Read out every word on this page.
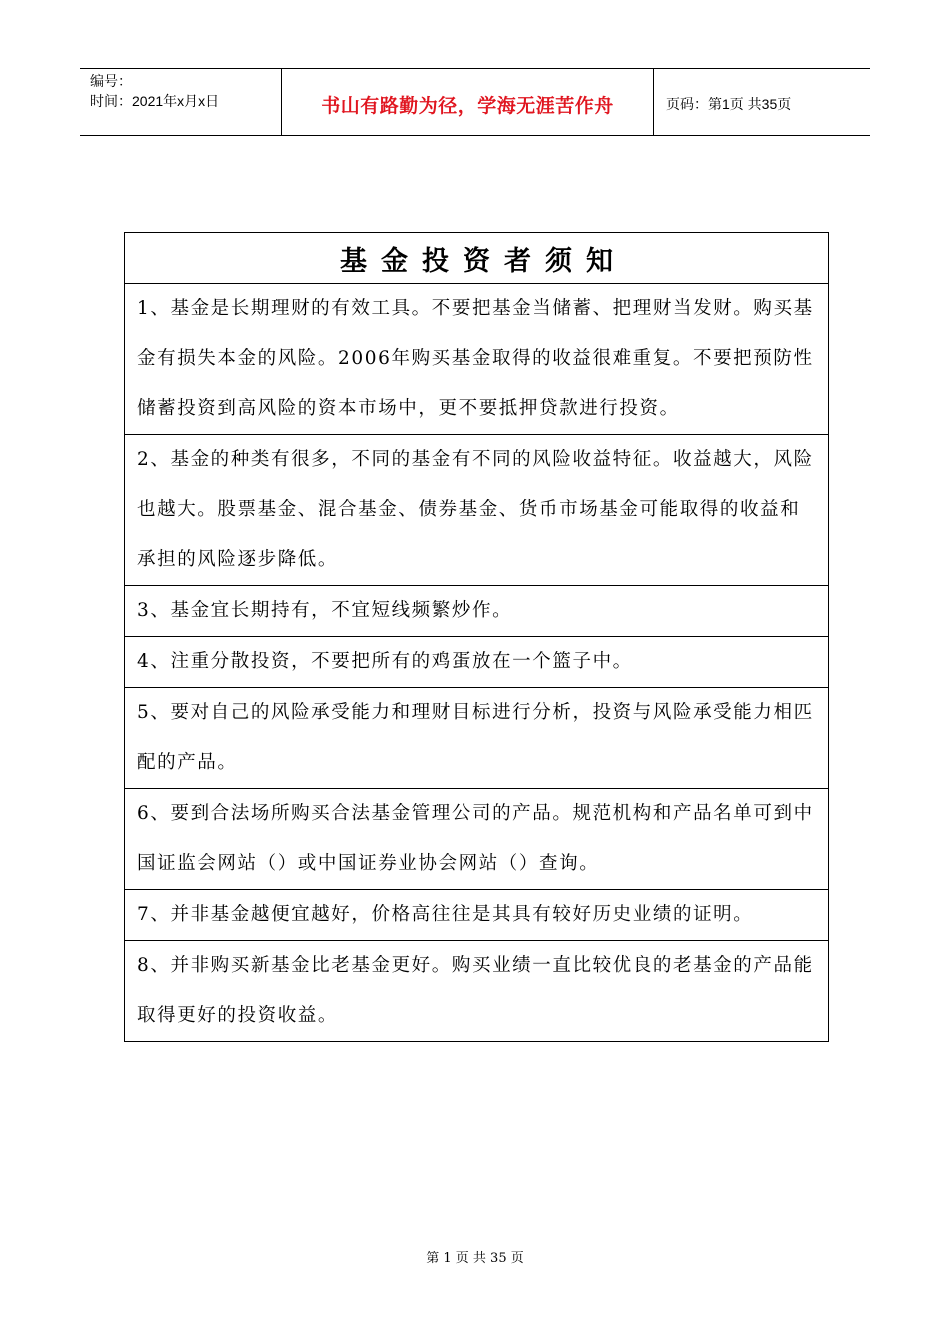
编号：
时间：2021年x月x日	书山有路勤为径，学海无涯苦作舟	页码：第1页 共35页
基金投资者须知
1、基金是长期理财的有效工具。不要把基金当储蓄、把理财当发财。购买基金有损失本金的风险。2006年购买基金取得的收益很难重复。不要把预防性储蓄投资到高风险的资本市场中，更不要抵押贷款进行投资。
2、基金的种类有很多，不同的基金有不同的风险收益特征。收益越大，风险也越大。股票基金、混合基金、债券基金、货币市场基金可能取得的收益和承担的风险逐步降低。
3、基金宜长期持有，不宜短线频繁炒作。
4、注重分散投资，不要把所有的鸡蛋放在一个篮子中。
5、要对自己的风险承受能力和理财目标进行分析，投资与风险承受能力相匹配的产品。
6、要到合法场所购买合法基金管理公司的产品。规范机构和产品名单可到中国证监会网站（）或中国证券业协会网站（）查询。
7、并非基金越便宜越好，价格高往往是其具有较好历史业绩的证明。
8、并非购买新基金比老基金更好。购买业绩一直比较优良的老基金的产品能取得更好的投资收益。
第 1 页 共 35 页
